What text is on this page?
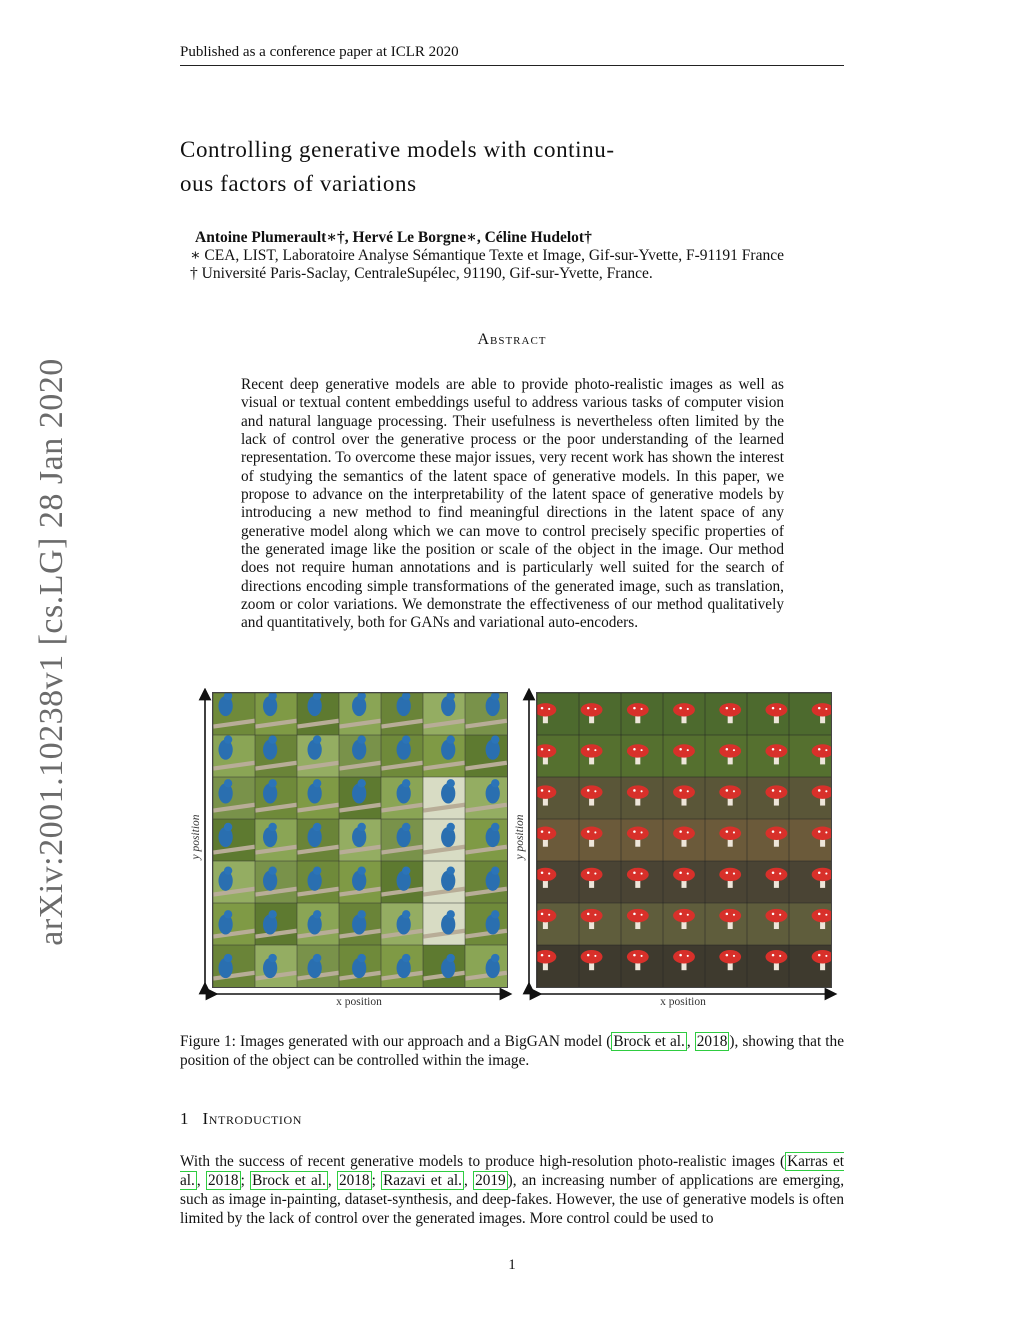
Published as a conference paper at ICLR 2020
Controlling generative models with continu-
ous factors of variations
Antoine Plumerault∗†, Hervé Le Borgne∗, Céline Hudelot†
∗ CEA, LIST, Laboratoire Analyse Sémantique Texte et Image, Gif-sur-Yvette, F-91191 France
† Université Paris-Saclay, CentraleSupélec, 91190, Gif-sur-Yvette, France.
arXiv:2001.10238v1 [cs.LG] 28 Jan 2020
Abstract
Recent deep generative models are able to provide photo-realistic images as well as visual or textual content embeddings useful to address various tasks of computer vision and natural language processing. Their usefulness is nevertheless often limited by the lack of control over the generative process or the poor understanding of the learned representation. To overcome these major issues, very recent work has shown the interest of studying the semantics of the latent space of generative models. In this paper, we propose to advance on the interpretability of the latent space of generative models by introducing a new method to find meaningful directions in the latent space of any generative model along which we can move to control precisely specific properties of the generated image like the position or scale of the object in the image. Our method does not require human annotations and is particularly well suited for the search of directions encoding simple transformations of the generated image, such as translation, zoom or color variations. We demonstrate the effectiveness of our method qualitatively and quantitatively, both for GANs and variational auto-encoders.
y position
x position
y position
x position
Figure 1: Images generated with our approach and a BigGAN model ( Brock et al. , 2018 ), showing that the position of the object can be controlled within the image.
1 Introduction
With the success of recent generative models to produce high-resolution photo-realistic images ( Karras et al. , 2018 ; Brock et al. , 2018 ; Razavi et al. , 2019 ), an increasing number of applications are emerging, such as image in-painting, dataset-synthesis, and deep-fakes. However, the use of generative models is often limited by the lack of control over the generated images. More control could be used to
1
